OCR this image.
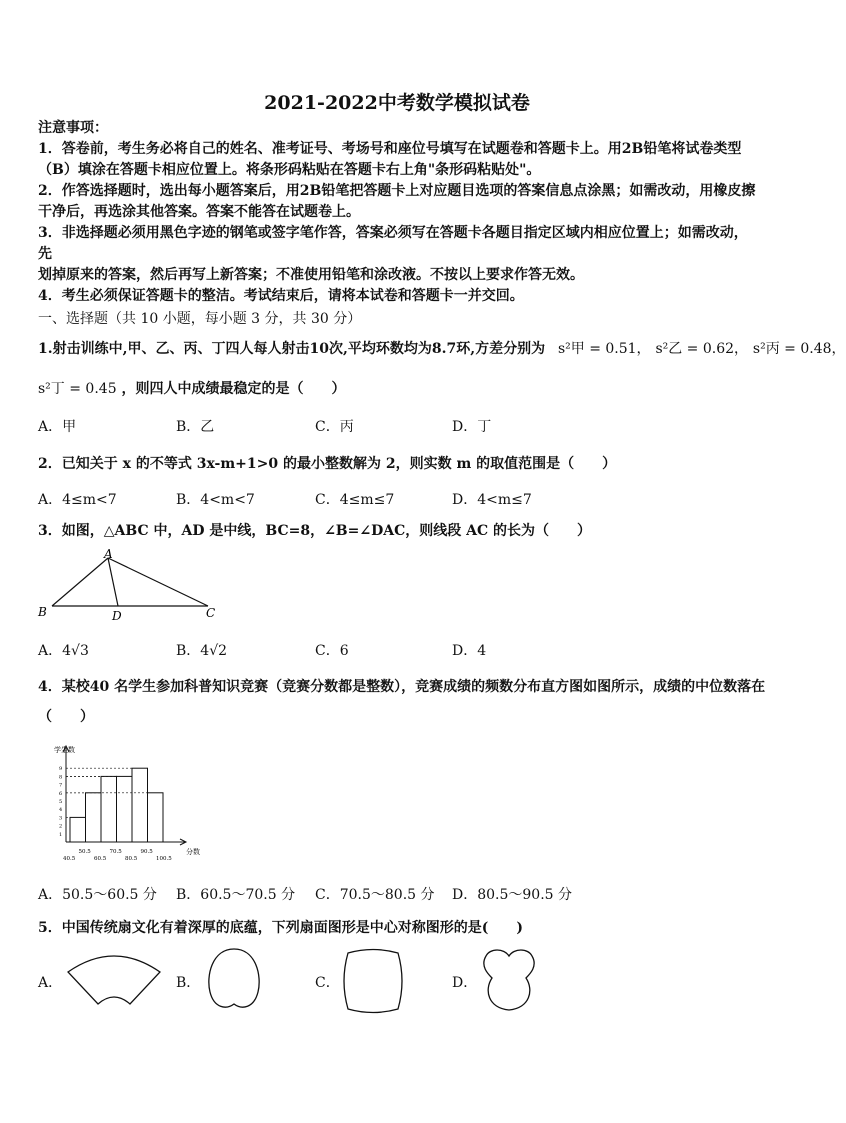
2021-2022中考数学模拟试卷

注意事项：

1．答卷前，考生务必将自己的姓名、准考证号、考场号和座位号填写在试题卷和答题卡上。用2B铅笔将试卷类型

（B）填涂在答题卡相应位置上。将条形码粘贴在答题卡右上角"条形码粘贴处"。

2．作答选择题时，选出每小题答案后，用2B铅笔把答题卡上对应题目选项的答案信息点涂黑；如需改动，用橡皮擦

干净后，再选涂其他答案。答案不能答在试题卷上。

3．非选择题必须用黑色字迹的钢笔或签字笔作答，答案必须写在答题卡各题目指定区域内相应位置上；如需改动，先

划掉原来的答案，然后再写上新答案；不准使用铅笔和涂改液。不按以上要求作答无效。

4．考生必须保证答题卡的整洁。考试结束后，请将本试卷和答题卡一并交回。

一、选择题（共 10 小题，每小题 3 分，共 30 分）
1.射击训练中,甲、乙、丙、丁四人每人射击10次,平均环数均为8.7环,方差分别为 s²甲 = 0.51， s²乙 = 0.62， s²丙 = 0.48，
s²丁 = 0.45 ，则四人中成绩最稳定的是（　　）
A．甲	B．乙	C．丙	D．丁
2．已知关于 x 的不等式 3x-m+1>0 的最小整数解为 2，则实数 m 的取值范围是（　　）
A．4≤m<7	B．4<m<7	C．4≤m≤7	D．4<m≤7
3．如图，△ABC 中，AD 是中线，BC=8，∠B=∠DAC，则线段 AC 的长为（　　）
A
B	C
D
A．4√3	B．4√2	C．6	D．4
4．某校40 名学生参加科普知识竞赛（竞赛分数都是整数），竞赛成绩的频数分布直方图如图所示，成绩的中位数落在
（　　）
1
2
3
4
5
6
7
8
9
40.5
50.5
60.5
70.5
80.5
90.5
100.5
学生数
分数
A．50.5～60.5 分 B．60.5～70.5 分 C．70.5～80.5 分 D．80.5～90.5 分
5．中国传统扇文化有着深厚的底蕴，下列扇面图形是中心对称图形的是(　　)
A．	B．	C．	D．
